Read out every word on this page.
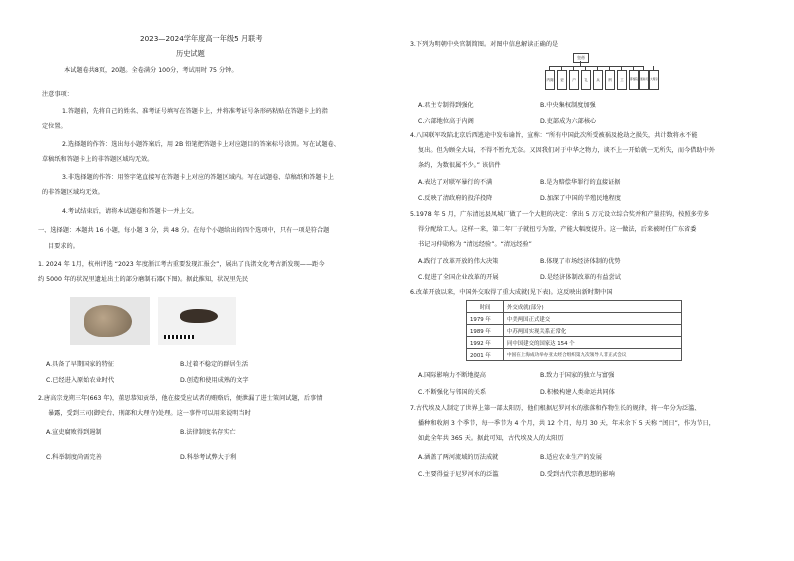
2023—2024学年度高一年级5 月联考
历史试题
本试题卷共8页，20题。全卷满分 100分，考试用时 75 分钟。
注意事项：
1.答题前，先将自己的姓名、准考证号填写在答题卡上，并将准考证号条形码粘贴在答题卡上的指
定位置。
2.选择题的作答：选出每小题答案后，用 2B 铅笔把答题卡上对应题目的答案标号涂黑。写在试题卷、
草稿纸和答题卡上的非答题区域均无效。
3.非选择题的作答：用签字笔直接写在答题卡上对应的答题区域内。写在试题卷、草稿纸和答题卡上
的非答题区域均无效。
4.考试结束后，请将本试题卷和答题卡一并上交。
一、选择题：本题共 16 小题，每小题 3 分，共 48 分。在每个小题给出的四个选项中，只有一项是符合题
目要求的。
1. 2024 年 1月，杭州评选 “2023 年度浙江考古重要发现汇报会”，展出了良渚文化考古新发现——距今
约 5000 年的状况里遗址出土的部分磨制石器(下图)。据此推知，状况里先民
A.具备了早期国家的特征	B.过着不稳定的群居生活
C.已经进入原始农业时代	D.创造和使用成熟的文字
2.唐高宗龙朔三年(663 年)，董思恭知贡举，他在接受应试者的贿赂后，便泄漏了进士策问试题，后事情
暴露，受到三司(御史台、刑部和大理寺)处理。这一事件可以用来说明当时
A.宣吏腐败得到遏制	B.法律制度名存实亡
C.科举制度尚需完善	D.科举考试弊大于利
3.下列为明朝中央官制简图。对图中信息解读正确的是
皇帝
内阁	吏	户	礼	兵	刑	工	都察院 通政司 大理寺
A.君主专制得到强化	B.中央集权制度加强
C.六部地位高于内阁	D.吏部成为六部核心
4.八国联军攻陷北京后西逃途中发布谕旨，宣称：“所有中国此次所受被祸及抢劫之损失，共计数将永不能
复出。但为顾全大局，不得不暂允无奈。又因我们对于中华之物力，谈不上一开始就一无所失，而今借助中外
条约，为数很属不少。” 该信件
A.表达了对联军暴行的不满	B.是为赔偿华罪行的直接证据
C.反映了清政府的投洋投降	D.加深了中国的半殖民地程度
5.1978 年 5 月，广东清远县凤城厂做了一个大胆的决定：拿出 5 万元设立综合奖并和产量挂钩，按照多劳多
得分配给工人。这样一来，第二年厂子就扭亏为盈，产能大幅度提升。这一做法，后来被时任广东省委
书记习仲勋称为 “清远经验”。“清远经验”
A.践行了改革开放的伟大决策	B.体现了市场经济体制的优势
C.促进了全国企业改革的开展	D.是经济体制改革的有益尝试
6.改革开放以来，中国外交取得了重大成就(见下表)。这反映出新时期中国
时间	外交成就(部分)
1979 年	中美两国正式建交
1989 年	中苏两国实现关系正常化
1992 年	同中国建交的国家达 154 个
2001 年	中国在上海成功举办亚太经合组织第九次领导人非正式会议
A.国际影响力不断地提高	B.致力于国家的独立与富强
C.不断强化与邻国的关系	D.积极构建人类命运共同体
7.古代埃及人制定了世界上第一部太阳历，他们根据尼罗河水的涨落和作物生长的规律，将一年分为泛滥、
播种和收割 3 个季节，每一季节为 4 个月，共 12 个月，每月 30 天，年末余下 5 天称 “闰日”，作为节日，
如此全年共 365 天。据此可知，古代埃及人的太阳历
A.涵盖了两河流域的历法成就	B.适应农业生产的发展
C.主要得益于尼罗河水的泛滥	D.受到古代宗教思想的影响
